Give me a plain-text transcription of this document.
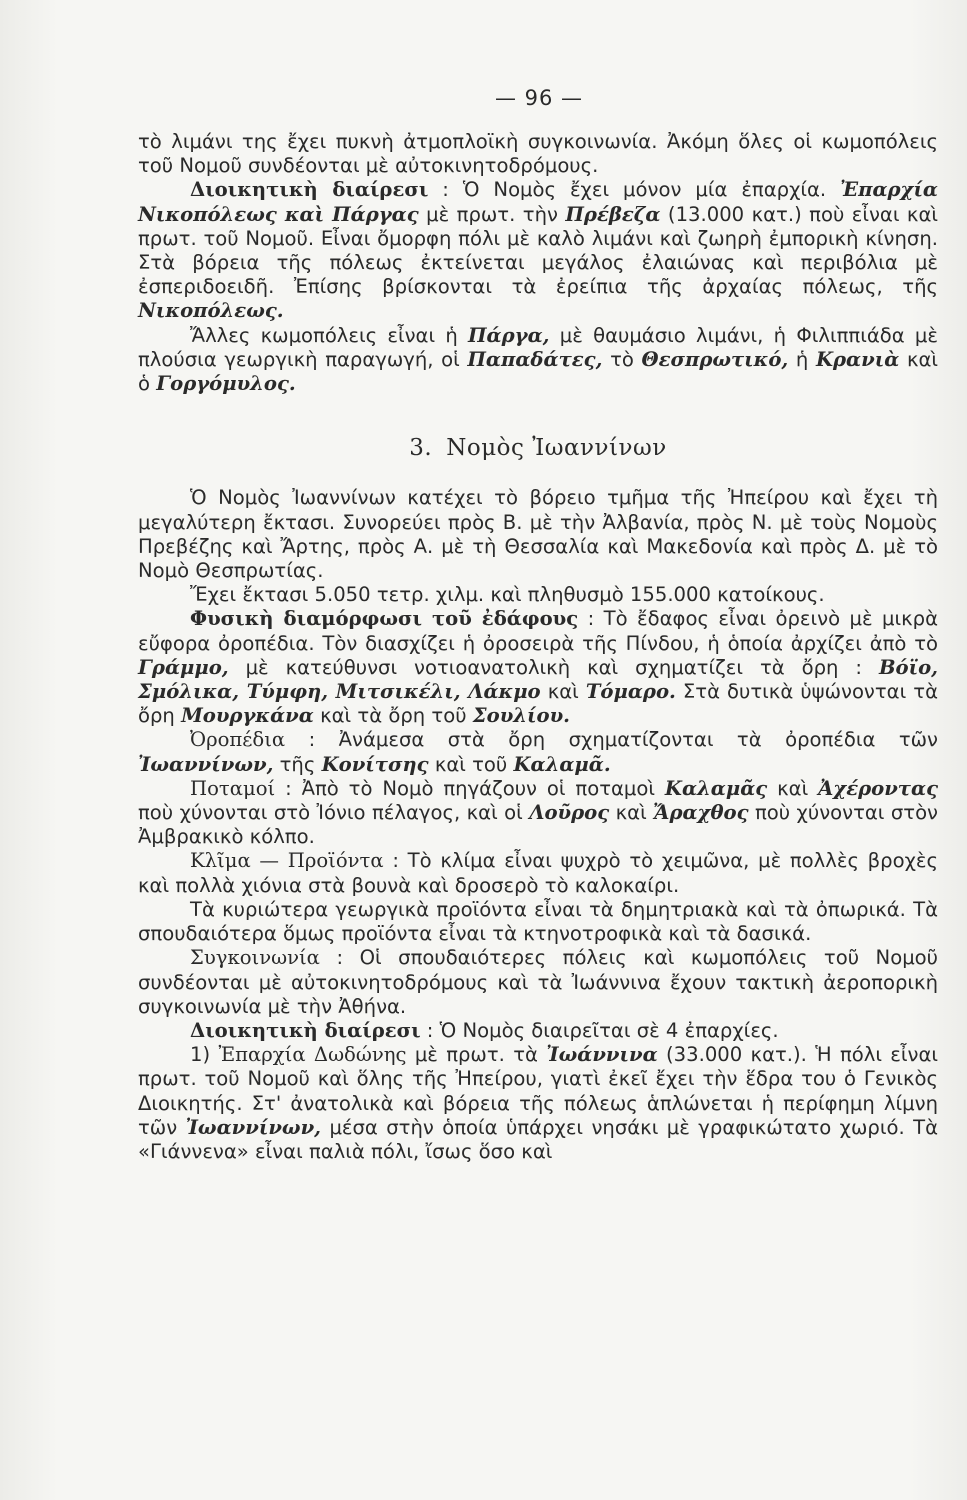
— 96 —

τὸ λιμάνι της ἔχει πυκνὴ ἀτμοπλοϊκὴ συγκοινωνία. Ἀκόμη ὅλες οἱ κωμοπόλεις τοῦ Νομοῦ συνδέονται μὲ αὐτοκινητοδρόμους.

Διοικητικὴ διαίρεσι : Ὁ Νομὸς ἔχει μόνον μία ἐπαρχία. Ἐπαρχία Νικοπόλεως καὶ Πάργας μὲ πρωτ. τὴν Πρέβεζα (13.000 κατ.) ποὺ εἶναι καὶ πρωτ. τοῦ Νομοῦ. Εἶναι ὄμορφη πόλι μὲ καλὸ λιμάνι καὶ ζωηρὴ ἐμπορικὴ κίνηση. Στὰ βόρεια τῆς πόλεως ἐκτείνεται μεγάλος ἐλαιώνας καὶ περιβόλια μὲ ἐσπεριδοειδῆ. Ἐπίσης βρίσκονται τὰ ἐρείπια τῆς ἀρχαίας πόλεως, τῆς Νικοπόλεως.

Ἄλλες κωμοπόλεις εἶναι ἡ Πάργα, μὲ θαυμάσιο λιμάνι, ἡ Φιλιππιάδα μὲ πλούσια γεωργικὴ παραγωγή, οἱ Παπαδάτες, τὸ Θεσπρωτικό, ἡ Κρανιὰ καὶ ὁ Γοργόμυλος.

3. Νομὸς Ἰωαννίνων

Ὁ Νομὸς Ἰωαννίνων κατέχει τὸ βόρειο τμῆμα τῆς Ἠπείρου καὶ ἔχει τὴ μεγαλύτερη ἔκτασι. Συνορεύει πρὸς Β. μὲ τὴν Ἀλβανία, πρὸς Ν. μὲ τοὺς Νομοὺς Πρεβέζης καὶ Ἄρτης, πρὸς Α. μὲ τὴ Θεσσαλία καὶ Μακεδονία καὶ πρὸς Δ. μὲ τὸ Νομὸ Θεσπρωτίας.

Ἔχει ἔκτασι 5.050 τετρ. χιλμ. καὶ πληθυσμὸ 155.000 κατοίκους.

Φυσικὴ διαμόρφωσι τοῦ ἐδάφους : Τὸ ἔδαφος εἶναι ὀρεινὸ μὲ μικρὰ εὔφορα ὀροπέδια. Τὸν διασχίζει ἡ ὀροσειρὰ τῆς Πίνδου, ἡ ὁποία ἀρχίζει ἀπὸ τὸ Γράμμο, μὲ κατεύθυνσι νοτιοανατολικὴ καὶ σχηματίζει τὰ ὄρη : Βόϊο, Σμόλικα, Τύμφη, Μιτσικέλι, Λάκμο καὶ Τόμαρο. Στὰ δυτικὰ ὑψώνονται τὰ ὄρη Μουργκάνα καὶ τὰ ὄρη τοῦ Σουλίου.

Ὀροπέδια : Ἀνάμεσα στὰ ὄρη σχηματίζονται τὰ ὀροπέδια τῶν Ἰωαννίνων, τῆς Κονίτσης καὶ τοῦ Καλαμᾶ.

Ποταμοί : Ἀπὸ τὸ Νομὸ πηγάζουν οἱ ποταμοὶ Καλαμᾶς καὶ Ἀχέροντας ποὺ χύνονται στὸ Ἰόνιο πέλαγος, καὶ οἱ Λοῦρος καὶ Ἄραχθος ποὺ χύνονται στὸν Ἀμβρακικὸ κόλπο.

Κλῖμα — Προϊόντα : Τὸ κλίμα εἶναι ψυχρὸ τὸ χειμῶνα, μὲ πολλὲς βροχὲς καὶ πολλὰ χιόνια στὰ βουνὰ καὶ δροσερὸ τὸ καλοκαίρι.

Τὰ κυριώτερα γεωργικὰ προϊόντα εἶναι τὰ δημητριακὰ καὶ τὰ ὀπωρικά. Τὰ σπουδαιότερα ὅμως προϊόντα εἶναι τὰ κτηνοτροφικὰ καὶ τὰ δασικά.

Συγκοινωνία : Οἱ σπουδαιότερες πόλεις καὶ κωμοπόλεις τοῦ Νομοῦ συνδέονται μὲ αὐτοκινητοδρόμους καὶ τὰ Ἰωάννινα ἔχουν τακτικὴ ἀεροπορικὴ συγκοινωνία μὲ τὴν Ἀθήνα.

Διοικητικὴ διαίρεσι : Ὁ Νομὸς διαιρεῖται σὲ 4 ἐπαρχίες.

1) Ἐπαρχία Δωδώνης μὲ πρωτ. τὰ Ἰωάννινα (33.000 κατ.). Ἡ πόλι εἶναι πρωτ. τοῦ Νομοῦ καὶ ὅλης τῆς Ἠπείρου, γιατὶ ἐκεῖ ἔχει τὴν ἕδρα του ὁ Γενικὸς Διοικητής. Στ' ἀνατολικὰ καὶ βόρεια τῆς πόλεως ἁπλώνεται ἡ περίφημη λίμνη τῶν Ἰωαννίνων, μέσα στὴν ὁποία ὑπάρχει νησάκι μὲ γραφικώτατο χωριό. Τὰ «Γιάννενα» εἶναι παλιὰ πόλι, ἴσως ὅσο καὶ
